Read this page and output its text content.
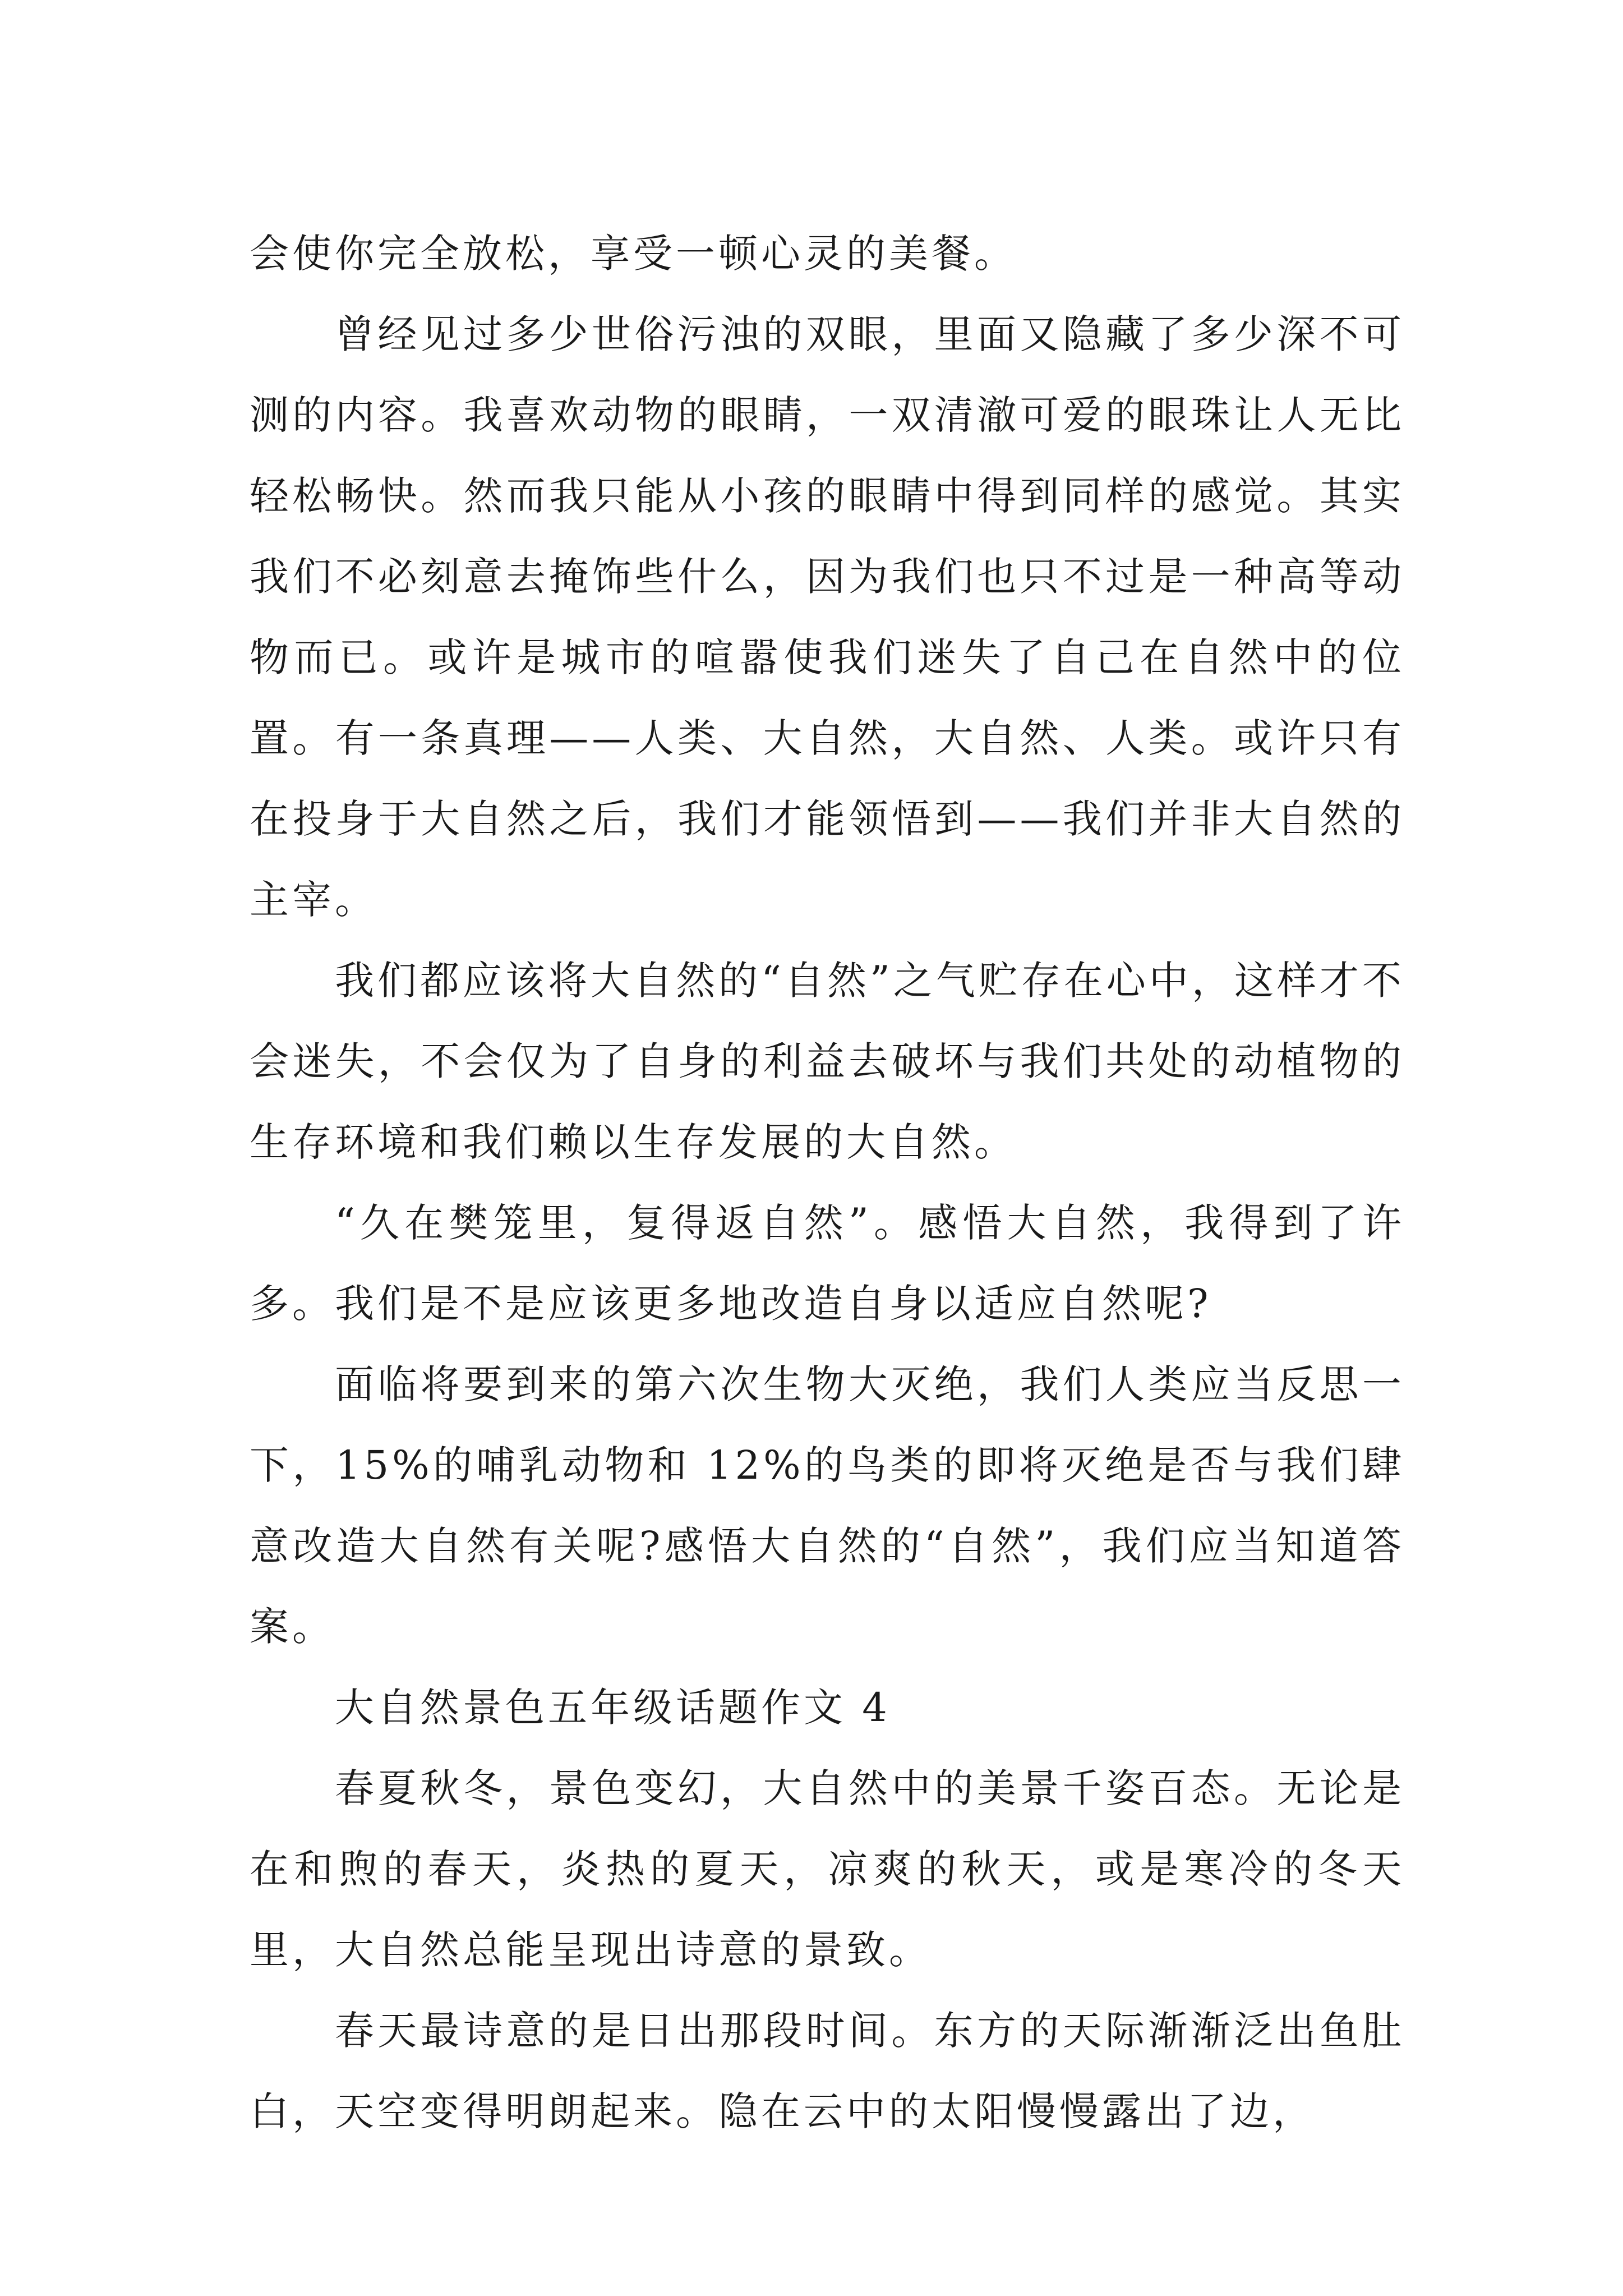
会使你完全放松，享受一顿心灵的美餐。

曾经见过多少世俗污浊的双眼，里面又隐藏了多少深不可测的内容。我喜欢动物的眼睛，一双清澈可爱的眼珠让人无比轻松畅快。然而我只能从小孩的眼睛中得到同样的感觉。其实我们不必刻意去掩饰些什么，因为我们也只不过是一种高等动物而已。或许是城市的喧嚣使我们迷失了自己在自然中的位置。有一条真理——人类、大自然，大自然、人类。或许只有在投身于大自然之后，我们才能领悟到——我们并非大自然的主宰。

我们都应该将大自然的“自然”之气贮存在心中，这样才不会迷失，不会仅为了自身的利益去破坏与我们共处的动植物的生存环境和我们赖以生存发展的大自然。

“久在樊笼里，复得返自然”。感悟大自然，我得到了许多。我们是不是应该更多地改造自身以适应自然呢?

面临将要到来的第六次生物大灭绝，我们人类应当反思一下，15%的哺乳动物和 12%的鸟类的即将灭绝是否与我们肆意改造大自然有关呢?感悟大自然的“自然”，我们应当知道答案。

大自然景色五年级话题作文 4

春夏秋冬，景色变幻，大自然中的美景千姿百态。无论是在和煦的春天，炎热的夏天，凉爽的秋天，或是寒冷的冬天里，大自然总能呈现出诗意的景致。

春天最诗意的是日出那段时间。东方的天际渐渐泛出鱼肚白，天空变得明朗起来。隐在云中的太阳慢慢露出了边，
